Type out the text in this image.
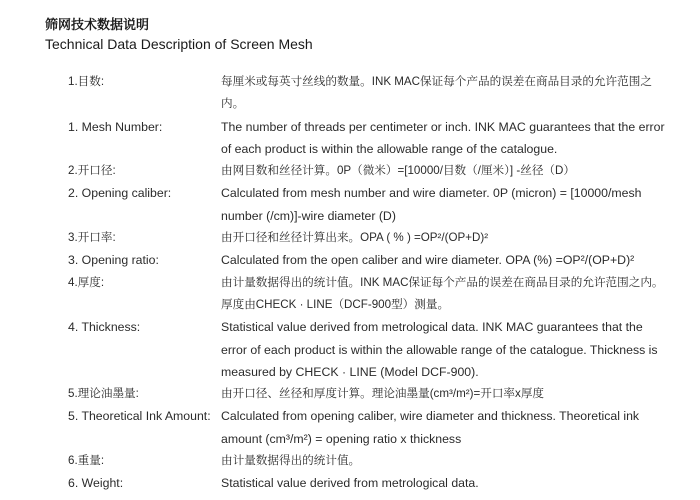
筛网技术数据说明
Technical Data Description of Screen Mesh
1.目数:	每厘米或每英寸丝线的数量。INK MAC保证每个产品的误差在商品目录的允许范围之内。
1. Mesh Number:	The number of threads per centimeter or inch. INK MAC guarantees that the error of each product is within the allowable range of the catalogue.
2.开口径:	由网目数和丝径计算。0P（微米）=[10000/目数（/厘米）] -丝径（D）
2. Opening caliber:	Calculated from mesh number and wire diameter. 0P (micron) = [10000/mesh number (/cm)]-wire diameter (D)
3.开口率:	由开口径和丝径计算出来。OPA ( % ) =OP²/(OP+D)²
3. Opening ratio:	Calculated from the open caliber and wire diameter. OPA (%) =OP²/(OP+D)²
4.厚度:	由计量数据得出的统计值。INK MAC保证每个产品的误差在商品目录的允许范围之内。厚度由CHECK · LINE（DCF-900型）测量。
4. Thickness:	Statistical value derived from metrological data. INK MAC guarantees that the error of each product is within the allowable range of the catalogue. Thickness is measured by CHECK · LINE (Model DCF-900).
5.理论油墨量:	由开口径、丝径和厚度计算。理论油墨量(cm³/m²)=开口率x厚度
5. Theoretical Ink Amount: Calculated from opening caliber, wire diameter and thickness. Theoretical ink amount (cm³/m²) = opening ratio x thickness
6.重量:	由计量数据得出的统计值。
6. Weight:	Statistical value derived from metrological data.
